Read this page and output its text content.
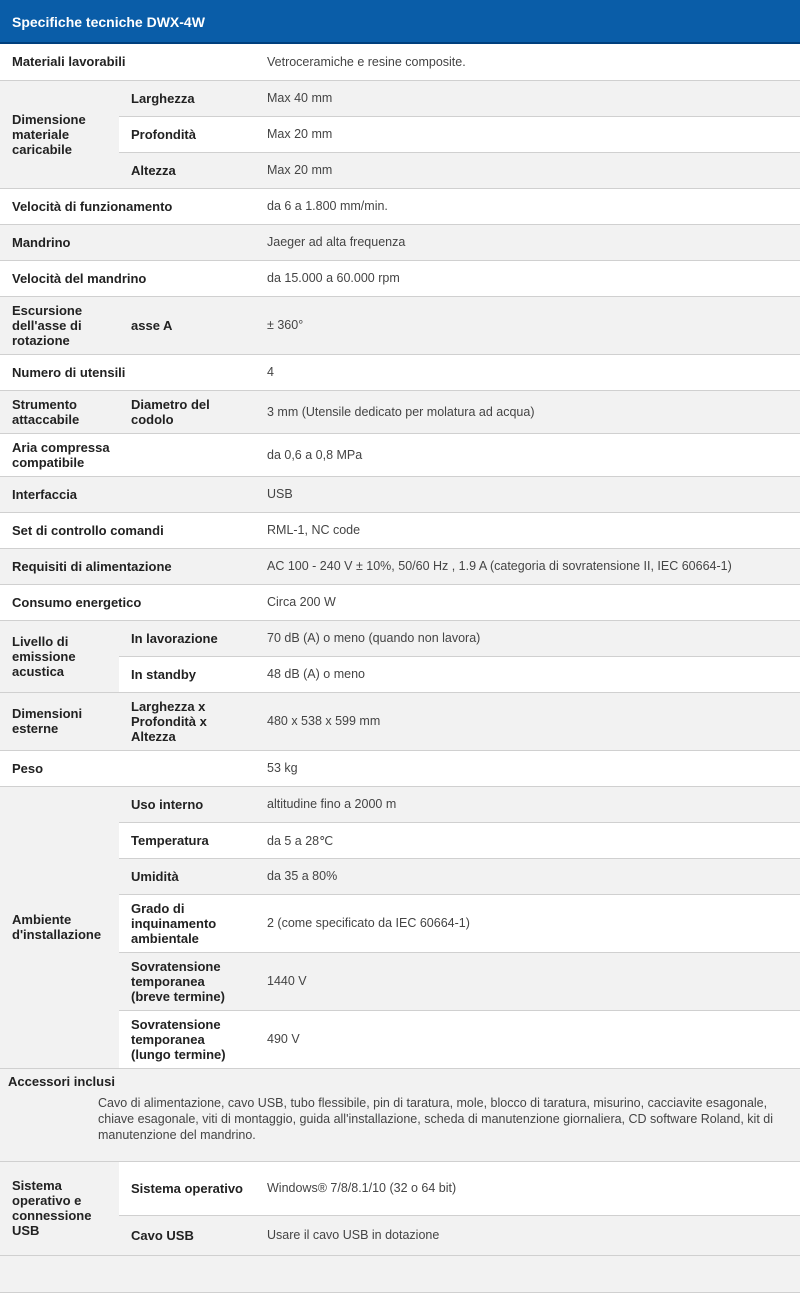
Specifiche tecniche DWX-4W
Materiali lavorabili		Vetroceramiche e resine composite.
Dimensione materiale caricabile	Larghezza	Max 40 mm
	Profondità	Max 20 mm
	Altezza	Max 20 mm
Velocità di funzionamento		da 6 a 1.800 mm/min.
Mandrino		Jaeger ad alta frequenza
Velocità del mandrino		da 15.000 a 60.000 rpm
Escursione dell'asse di rotazione	asse A	± 360°
Numero di utensili		4
Strumento attaccabile	Diametro del codolo	3 mm (Utensile dedicato per molatura ad acqua)
Aria compressa compatibile		da 0,6 a 0,8 MPa
Interfaccia		USB
Set di controllo comandi		RML-1, NC code
Requisiti di alimentazione		AC 100 - 240 V ± 10%, 50/60 Hz , 1.9 A (categoria di sovratensione II, IEC 60664-1)
Consumo energetico		Circa 200 W
Livello di emissione acustica	In lavorazione	70 dB (A) o meno (quando non lavora)
	In standby	48 dB (A) o meno
Dimensioni esterne	Larghezza x Profondità x Altezza	480 x 538 x 599 mm
Peso		53 kg
Ambiente d'installazione	Uso interno	altitudine fino a 2000 m
	Temperatura	da 5 a 28℃
	Umidità	da 35 a 80%
	Grado di inquinamento ambientale	2 (come specificato da IEC 60664-1)
	Sovratensione temporanea (breve termine)	1440 V
	Sovratensione temporanea (lungo termine)	490 V

Accessori inclusi
Cavo di alimentazione, cavo USB, tubo flessibile, pin di taratura, mole, blocco di taratura, misurino, cacciavite esagonale, chiave esagonale, viti di montaggio, guida all'installazione, scheda di manutenzione giornaliera, CD software Roland, kit di manutenzione del mandrino.		

Sistema operativo e connessione USB	Sistema operativo	Windows® 7/8/8.1/10 (32 o 64 bit)
	Cavo USB	Usare il cavo USB in dotazione
